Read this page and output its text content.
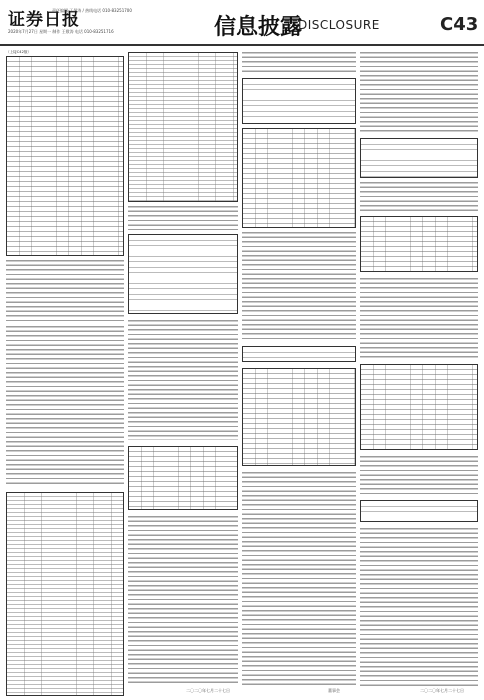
证券日报
责任编辑 王晨涛 / 热线电话 010-83251700
2020年7月27日 星期一 制作 王敬涛 电话 010-83251716	信息披露
DISCLOSURE	C43
（上接C42版）
二〇二〇年七月二十七日	董事会	二〇二〇年七月二十七日
